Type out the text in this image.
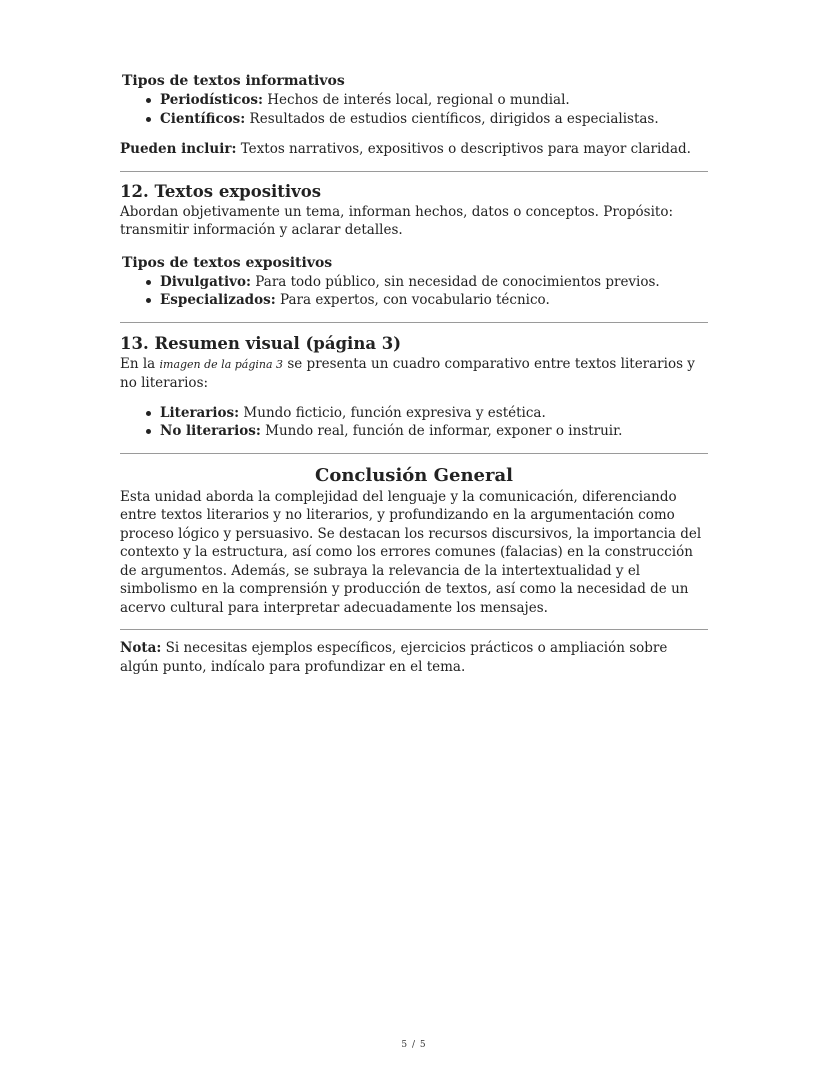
Tipos de textos informativos
Periodísticos: Hechos de interés local, regional o mundial.
Científicos: Resultados de estudios científicos, dirigidos a especialistas.

Pueden incluir: Textos narrativos, expositivos o descriptivos para mayor claridad.

12. Textos expositivos

Abordan objetivamente un tema, informan hechos, datos o conceptos. Propósito: transmitir información y aclarar detalles.

Tipos de textos expositivos
Divulgativo: Para todo público, sin necesidad de conocimientos previos.
Especializados: Para expertos, con vocabulario técnico.
13. Resumen visual (página 3)

En la imagen de la página 3 se presenta un cuadro comparativo entre textos literarios y no literarios:

Literarios: Mundo ficticio, función expresiva y estética.
No literarios: Mundo real, función de informar, exponer o instruir.
Conclusión General

Esta unidad aborda la complejidad del lenguaje y la comunicación, diferenciando entre textos literarios y no literarios, y profundizando en la argumentación como proceso lógico y persuasivo. Se destacan los recursos discursivos, la importancia del contexto y la estructura, así como los errores comunes (falacias) en la construcción de argumentos. Además, se subraya la relevancia de la intertextualidad y el simbolismo en la comprensión y producción de textos, así como la necesidad de un acervo cultural para interpretar adecuadamente los mensajes.

Nota: Si necesitas ejemplos específicos, ejercicios prácticos o ampliación sobre algún punto, indícalo para profundizar en el tema.

5 / 5
